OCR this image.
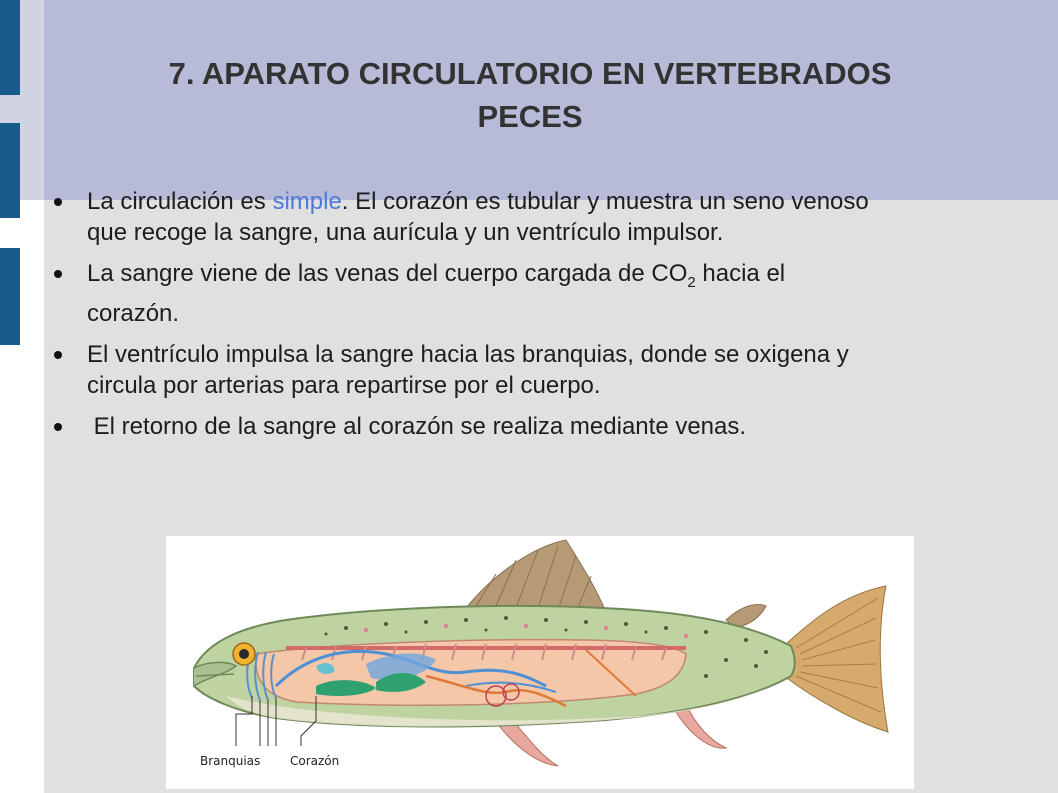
7. APARATO CIRCULATORIO EN VERTEBRADOS
PECES
La circulación es simple. El corazón es tubular y muestra un seno venoso que recoge la sangre, una aurícula y un ventrículo impulsor.
La sangre viene de las venas del cuerpo cargada de $CO_2$ hacia el corazón.
El ventrículo impulsa la sangre hacia las branquias, donde se oxigena y circula por arterias para repartirse por el cuerpo.
El retorno de la sangre al corazón se realiza mediante venas.
Branquias Corazón
